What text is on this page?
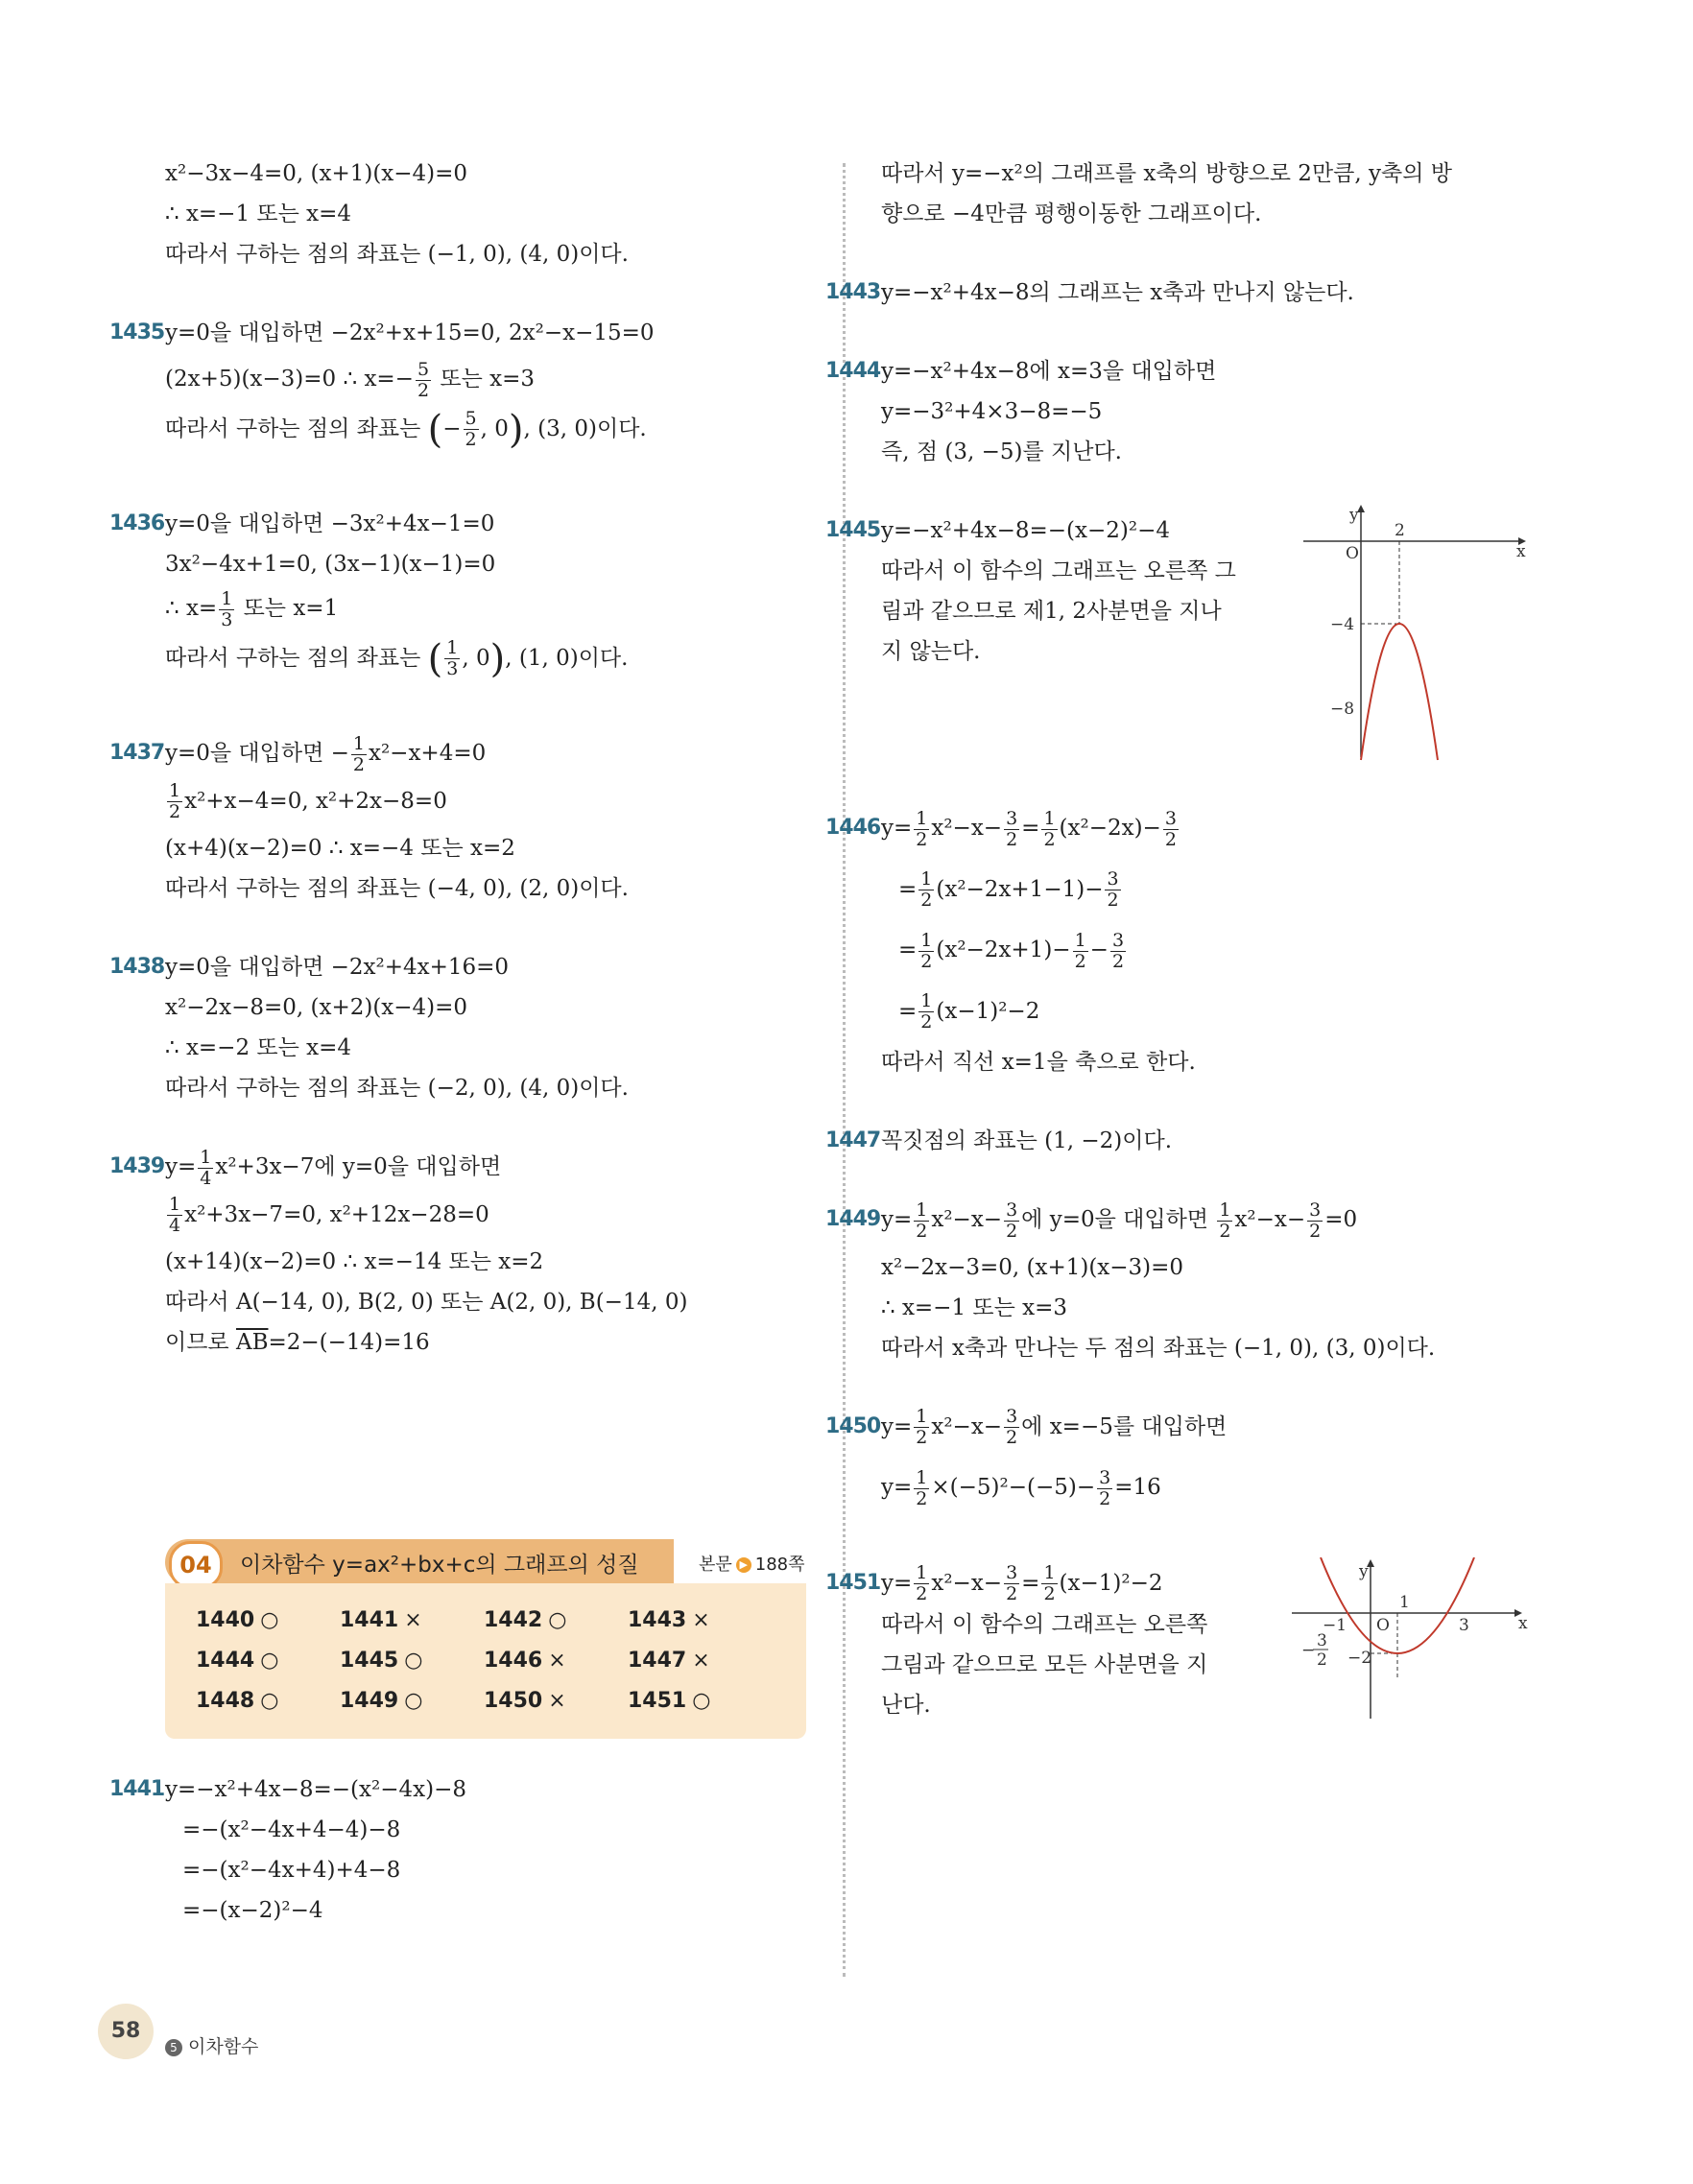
x²−3x−4=0, (x+1)(x−4)=0
∴ x=−1 또는 x=4
따라서 구하는 점의 좌표는 (−1, 0), (4, 0)이다.
1435 y=0을 대입하면 −2x²+x+15=0, 2x²−x−15=0
(2x+5)(x−3)=0 ∴ $x=- \frac{5}{2}$ 또는 x=3
따라서 구하는 점의 좌표는 (− $\frac{5}{2}$ , 0), (3, 0)이다.
1436 y=0을 대입하면 −3x²+4x−1=0
3x²−4x+1=0, (3x−1)(x−1)=0
∴ $x= \frac{1}{3}$ 또는 x=1
따라서 구하는 점의 좌표는 ( $\frac{1}{3}$ , 0), (1, 0)이다.
1437 y=0을 대입하면 − $\frac{1}{2} x^2-x+4=0$
$\frac{1}{2} x^2+x-4=0$, x²+2x−8=0
(x+4)(x−2)=0 ∴ x=−4 또는 x=2
따라서 구하는 점의 좌표는 (−4, 0), (2, 0)이다.
1438 y=0을 대입하면 −2x²+4x+16=0
x²−2x−8=0, (x+2)(x−4)=0
∴ x=−2 또는 x=4
따라서 구하는 점의 좌표는 (−2, 0), (4, 0)이다.
1439 $y= \frac{1}{4} x^2+3x-7$에 y=0을 대입하면
$\frac{1}{4} x^2+3x-7=0$, x²+12x−28=0
(x+14)(x−2)=0 ∴ x=−14 또는 x=2
따라서 A(−14, 0), B(2, 0) 또는 A(2, 0), B(−14, 0)
이므로 $\overline{AB}=2-(-14)=16$
04	이차함수 y=ax²+bx+c의 그래프의 성질	본문 ▶ 188쪽
1440 ○	1441 ×	1442 ○	1443 ×
1444 ○	1445 ○	1446 ×	1447 ×
1448 ○	1449 ○	1450 ×	1451 ○
1441 y=−x²+4x−8=−(x²−4x)−8
=−(x²−4x+4−4)−8
=−(x²−4x+4)+4−8
=−(x−2)²−4
따라서 y=−x²의 그래프를 x축의 방향으로 2만큼, y축의 방
향으로 −4만큼 평행이동한 그래프이다.
1443 y=−x²+4x−8의 그래프는 x축과 만나지 않는다.
1444 y=−x²+4x−8에 x=3을 대입하면
y=−3²+4×3−8=−5
즉, 점 (3, −5)를 지난다.
1445 y=−x²+4x−8=−(x−2)²−4
따라서 이 함수의 그래프는 오른쪽 그
림과 같으므로 제1, 2사분면을 지나
지 않는다.
y
x
O
2
−4
−8
1446 $y= \frac{1}{2} x^2-x- \frac{3}{2} = \frac{1}{2} (x^2-2x)- \frac{3}{2}$
= $\frac{1}{2} (x^2-2x+1-1)- \frac{3}{2}$
= $\frac{1}{2} (x^2-2x+1)- \frac{1}{2} - \frac{3}{2}$
= $\frac{1}{2} (x-1)^2-2$
따라서 직선 x=1을 축으로 한다.
1447 꼭짓점의 좌표는 (1, −2)이다.
1449 $y= \frac{1}{2} x^2-x- \frac{3}{2}$ 에 y=0을 대입하면 $\frac{1}{2} x^2-x- \frac{3}{2} =0$
x²−2x−3=0, (x+1)(x−3)=0
∴ x=−1 또는 x=3
따라서 x축과 만나는 두 점의 좌표는 (−1, 0), (3, 0)이다.
1450 $y= \frac{1}{2} x^2-x- \frac{3}{2}$ 에 x=−5를 대입하면
$y= \frac{1}{2} \times(-5)^2-(-5)- \frac{3}{2} =16$
1451 $y= \frac{1}{2} x^2-x- \frac{3}{2} = \frac{1}{2} (x-1)^2-2$
따라서 이 함수의 그래프는 오른쪽
그림과 같으므로 모든 사분면을 지
난다.
y
x
O
1
−1	3
−2
3
2
−
58
5 이차함수
